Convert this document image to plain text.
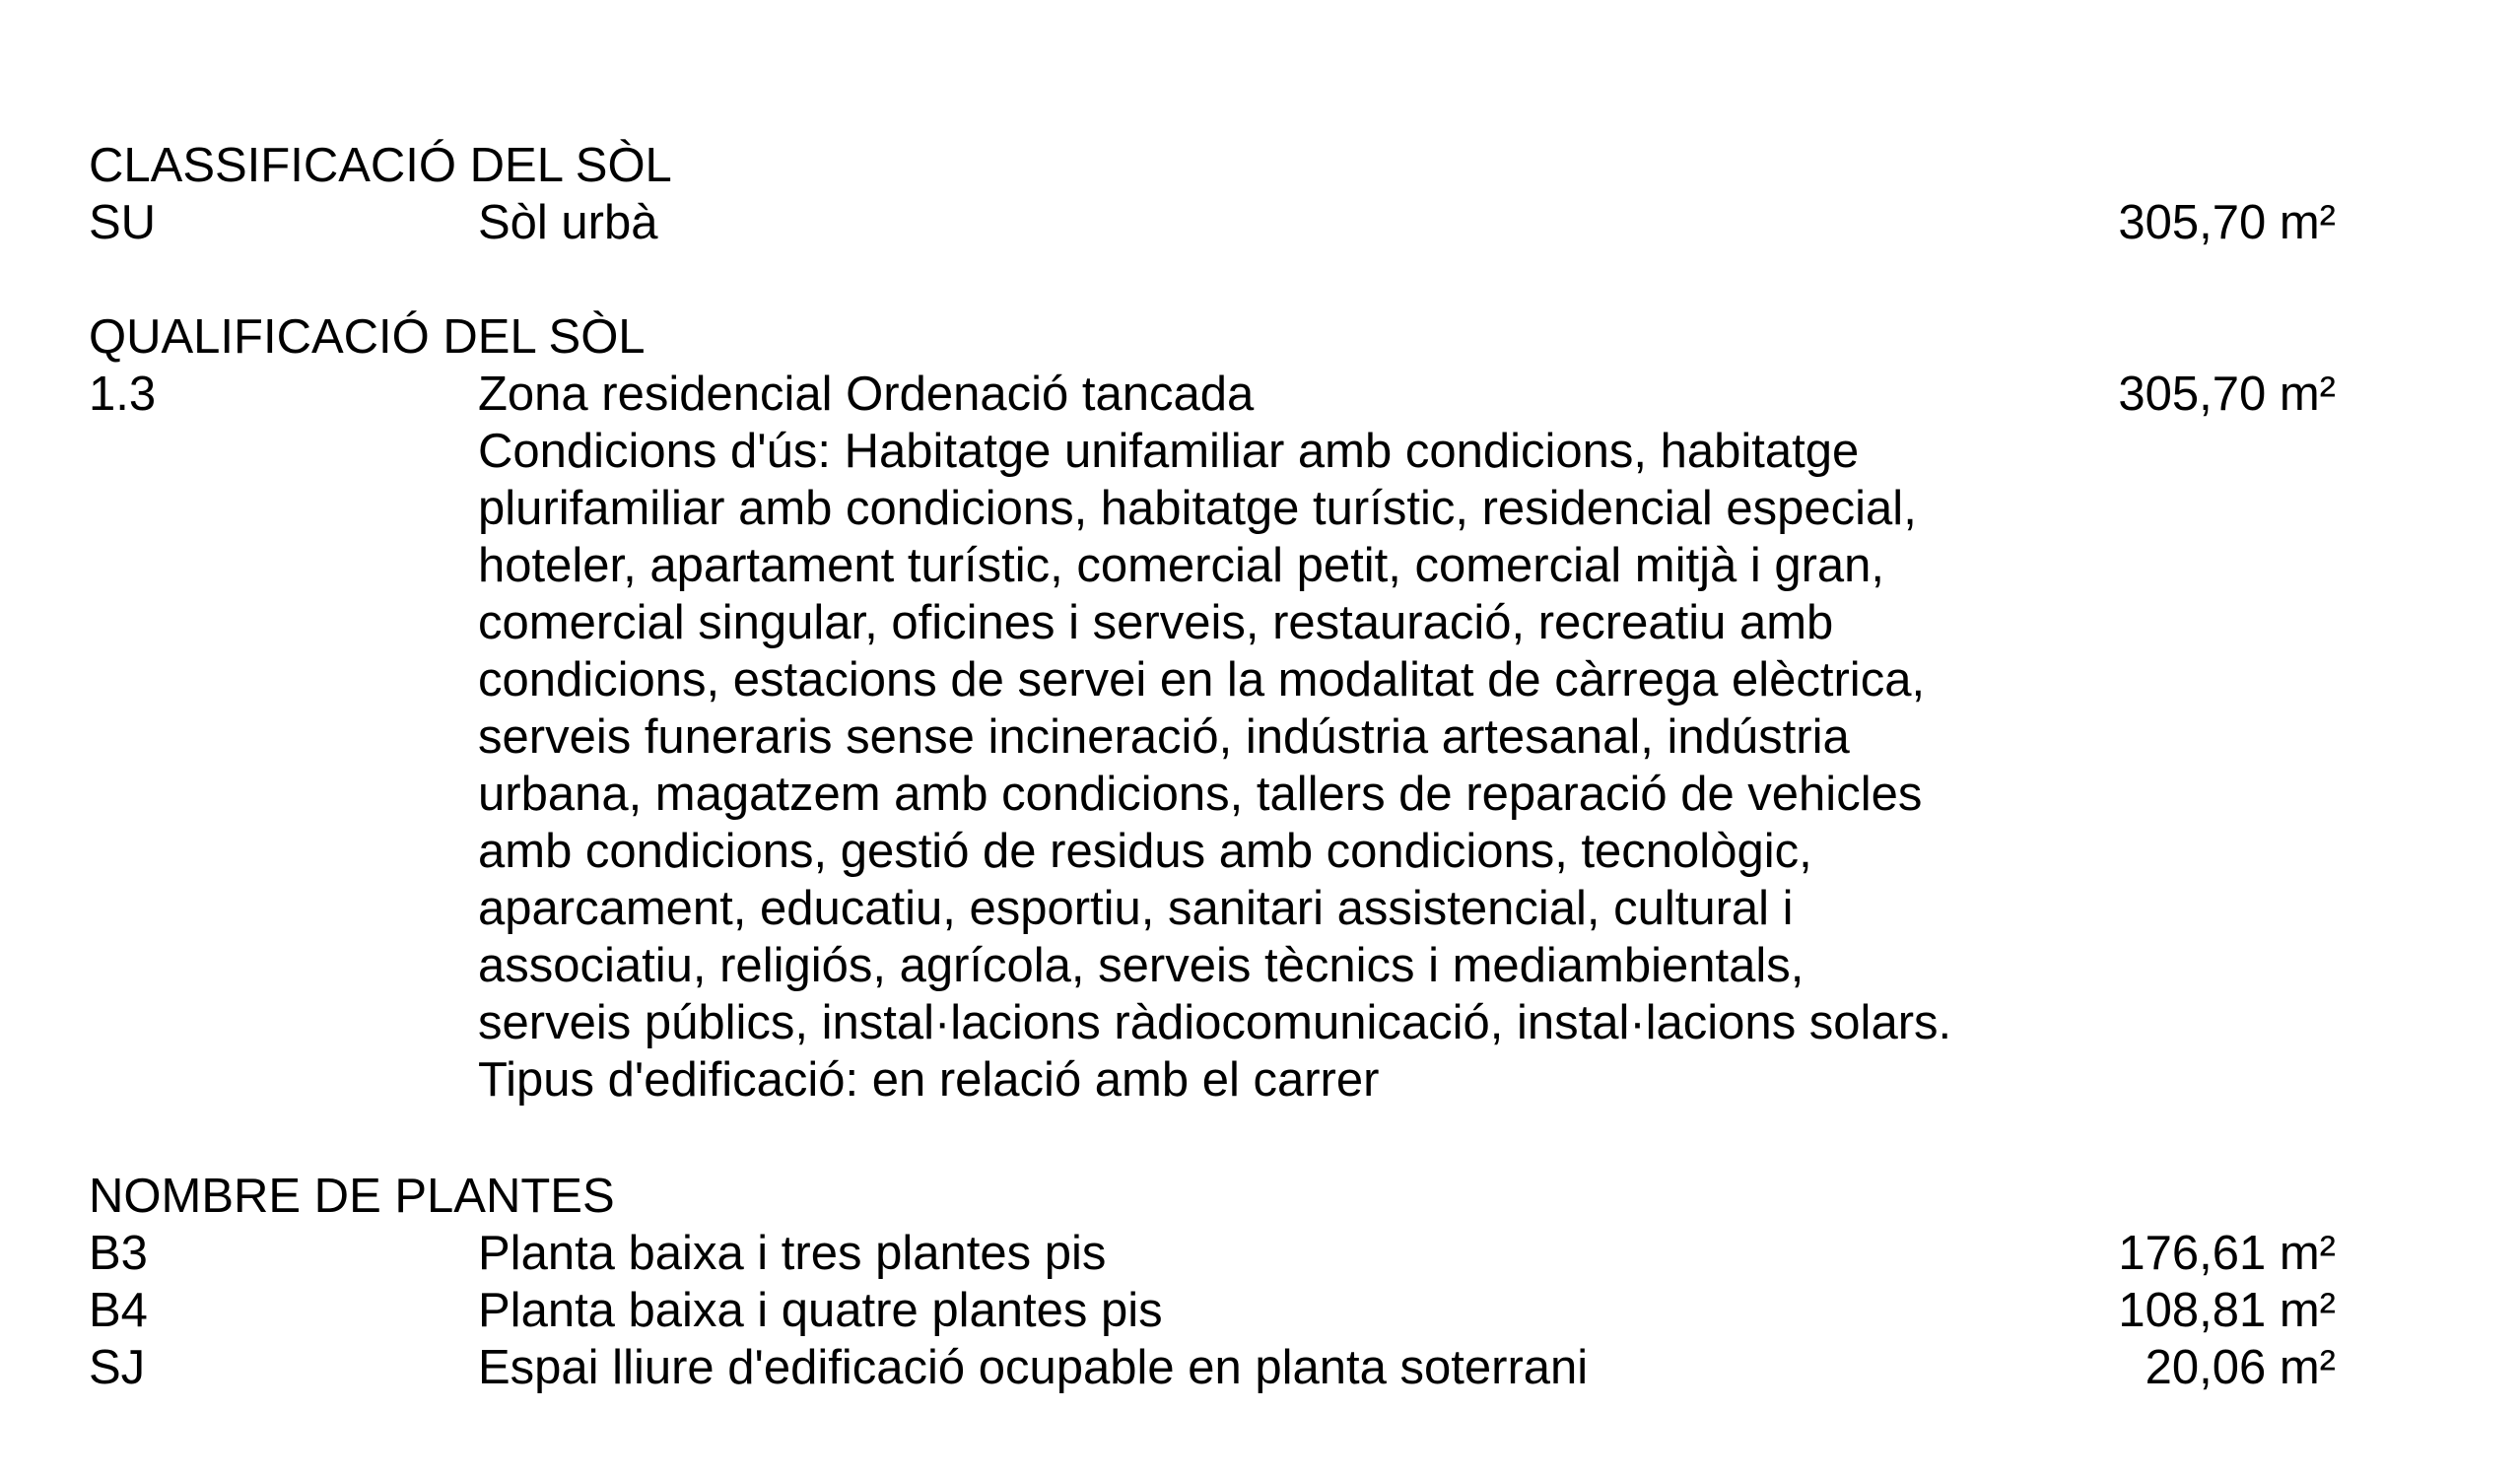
CLASSIFICACIÓ DEL SÒL
SU	Sòl urbà	305,70 m²
QUALIFICACIÓ DEL SÒL
1.3	Zona residencial Ordenació tancada	305,70 m²
Condicions d'ús: Habitatge unifamiliar amb condicions, habitatge
plurifamiliar amb condicions, habitatge turístic, residencial especial,
hoteler, apartament turístic, comercial petit, comercial mitjà i gran,
comercial singular, oficines i serveis, restauració, recreatiu amb
condicions, estacions de servei en la modalitat de càrrega elèctrica,
serveis funeraris sense incineració, indústria artesanal, indústria
urbana, magatzem amb condicions, tallers de reparació de vehicles
amb condicions, gestió de residus amb condicions, tecnològic,
aparcament, educatiu, esportiu, sanitari assistencial, cultural i
associatiu, religiós, agrícola, serveis tècnics i mediambientals,
serveis públics, instal·lacions ràdiocomunicació, instal·lacions solars.
Tipus d'edificació: en relació amb el carrer
NOMBRE DE PLANTES
B3	Planta baixa i tres plantes pis	176,61 m²
B4	Planta baixa i quatre plantes pis	108,81 m²
SJ	Espai lliure d'edificació ocupable en planta soterrani	20,06 m²
